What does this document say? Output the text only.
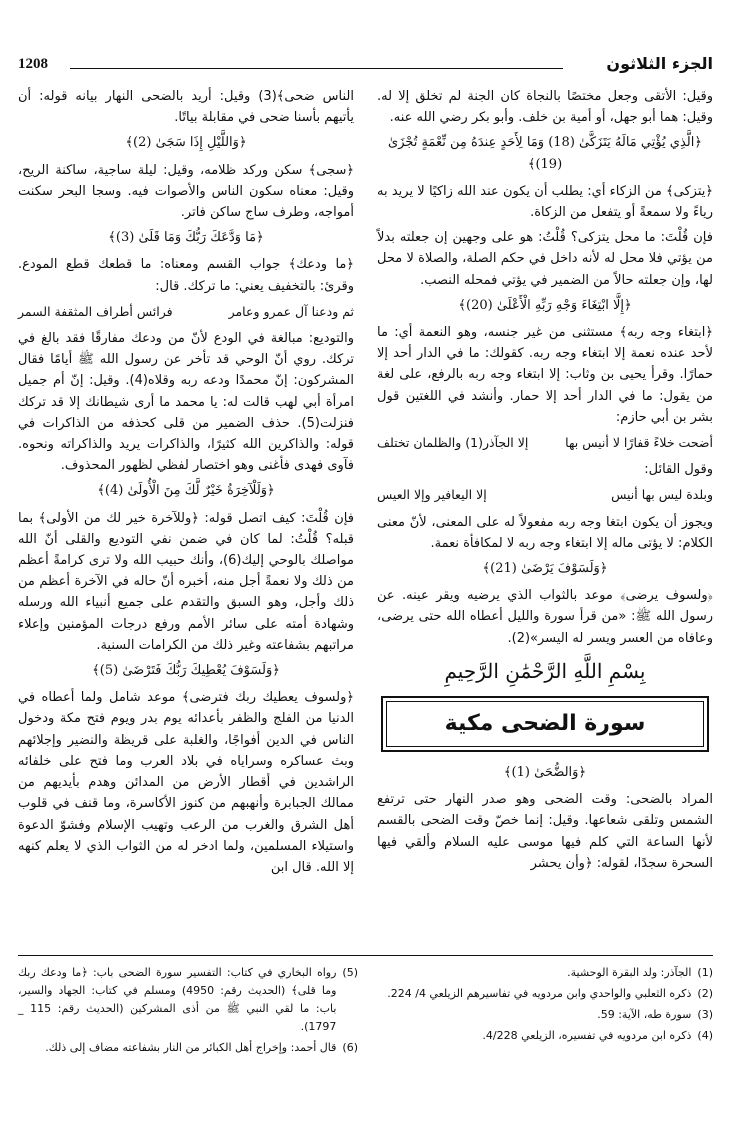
1208	الجزء الثلاثون

وقيل: الأتقى وجعل مختصًا بالنجاة كان الجنة لم تخلق إلا له. وقيل: هما أبو جهل، أو أمية بن خلف. وأبو بكر رضي الله عنه.

﴿الَّذِي يُؤْتِي مَالَهُ يَتَزَكَّىٰ (18) وَمَا لِأَحَدٍ عِندَهُ مِن نِّعْمَةٍ تُجْزَىٰ (19)﴾

﴿يتزكى﴾ من الزكاء أي: يطلب أن يكون عند الله زاكيًا لا يريد به رياءً ولا سمعةً أو يتفعل من الزكاة.

فإن قُلْتَ: ما محل يتزكى؟ قُلْتُ: هو على وجهين إن جعلته بدلاً من يؤتي فلا محل له لأنه داخل في حكم الصلة، والصلاة لا محل لها، وإن جعلته حالاً من الضمير في يؤتي فمحله النصب.

﴿إِلَّا ابْتِغَاءَ وَجْهِ رَبِّهِ الْأَعْلَىٰ (20)﴾

﴿ابتغاء وجه ربه﴾ مستثنى من غير جنسه، وهو النعمة أي: ما لأحد عنده نعمة إلا ابتغاء وجه ربه. كقولك: ما في الدار أحد إلا حمارًا. وقرأ يحيى بن وثاب: إلا ابتغاء وجه ربه بالرفع، على لغة من يقول: ما في الدار أحد إلا حمار. وأنشد في اللغتين قول بشر بن أبي حازم:

أضحت خلاءً قفارًا لا أنيس بها
إلا الجآذر(1) والظلمان تختلف

وقول القائل:

وبلدة ليس بها أنيس
إلا اليعافير وإلا العيس

ويجوز أن يكون ابتغا وجه ربه مفعولاً له على المعنى، لأنّ معنى الكلام: لا يؤتى ماله إلا ابتغاء وجه ربه لا لمكافأة نعمة.

﴿وَلَسَوْفَ يَرْضَىٰ (21)﴾

﴿ولسوف يرضى﴾ موعد بالثواب الذي يرضيه ويقر عينه. عن رسول الله ﷺ: «من قرأ سورة والليل أعطاه الله حتى يرضى، وعافاه من العسر ويسر له اليسر»(2).

بِسْمِ اللَّهِ الرَّحْمَٰنِ الرَّحِيمِ
سورة الضحى مكية
﴿وَالضُّحَىٰ (1)﴾

المراد بالضحى: وقت الضحى وهو صدر النهار حتى ترتفع الشمس وتلقى شعاعها. وقيل: إنما خصّ وقت الضحى بالقسم لأنها الساعة التي كلم فيها موسى عليه السلام وألقي فيها السحرة سجدًا، لقوله: ﴿وأن يحشر

الناس ضحى﴾(3) وقيل: أريد بالضحى النهار بيانه قوله: أن يأتيهم بأسنا ضحى في مقابلة بياتًا.

﴿وَاللَّيْلِ إِذَا سَجَىٰ (2)﴾

﴿سجى﴾ سكن وركد ظلامه، وقيل: ليلة ساجية، ساكنة الريح، وقيل: معناه سكون الناس والأصوات فيه. وسجا البحر سكنت أمواجه، وطرف ساج ساكن فاتر.

﴿مَا وَدَّعَكَ رَبُّكَ وَمَا قَلَىٰ (3)﴾

﴿ما ودعك﴾ جواب القسم ومعناه: ما قطعك قطع المودع. وقرئ: بالتخفيف يعني: ما تركك. قال:

ثم ودعنا آل عمرو وعامر
فرائس أطراف المثقفة السمر

والتوديع: مبالغة في الودع لأنّ من ودعك مفارقًا فقد بالغ في تركك. روي أنّ الوحي قد تأخر عن رسول الله ﷺ أيامًا فقال المشركون: إنّ محمدًا ودعه ربه وقلاه(4). وقيل: إنّ أم جميل امرأة أبي لهب قالت له: يا محمد ما أرى شيطانك إلا قد تركك فنزلت(5). حذف الضمير من قلى كحذفه من الذاكرات في قوله: والذاكرين الله كثيرًا، والذاكرات يريد والذاكراته ونحوه. فآوى فهدى فأغنى وهو اختصار لفظي لظهور المحذوف.

﴿وَلَلْآخِرَةُ خَيْرٌ لَّكَ مِنَ الْأُولَىٰ (4)﴾

فإن قُلْتَ: كيف اتصل قوله: ﴿وللآخرة خير لك من الأولى﴾ بما قبله؟ قُلْتُ: لما كان في ضمن نفي التوديع والقلى أنّ الله مواصلك بالوحي إليك(6)، وأنك حبيب الله ولا ترى كرامةً أعظم من ذلك ولا نعمةً أجل منه، أخبره أنّ حاله في الآخرة أعظم من ذلك وأجل، وهو السبق والتقدم على جميع أنبياء الله ورسله وشهادة أمته على سائر الأمم ورفع درجات المؤمنين وإعلاء مراتبهم بشفاعته وغير ذلك من الكرامات السنية.

﴿وَلَسَوْفَ يُعْطِيكَ رَبُّكَ فَتَرْضَىٰ (5)﴾

﴿ولسوف يعطيك ربك فترضى﴾ موعد شامل ولما أعطاه في الدنيا من الفلج والظفر بأعدائه يوم بدر ويوم فتح مكة ودخول الناس في الدين أفواجًا، والغلبة على قريظة والنضير وإجلائهم وبث عساكره وسراياه في بلاد العرب وما فتح على خلفائه الراشدين في أقطار الأرض من المدائن وهدم بأيديهم من ممالك الجبابرة وأنهبهم من كنوز الأكاسرة، وما قنف في قلوب أهل الشرق والغرب من الرعب وتهيب الإسلام وفشوّ الدعوة واستيلاء المسلمين، ولما ادخر له من الثواب الذي لا يعلم كنهه إلا الله. قال ابن

(1)
الجآذر: ولد البقرة الوحشية.
(2)
ذكره الثعلبي والواحدي وابن مردويه في تفاسيرهم الزيلعي 4/ 224.
(3)
سورة طه، الآية: 59.
(4)
ذكره ابن مردويه في تفسيره، الزيلعي 4/228.
(5)
رواه البخاري في كتاب: التفسير سورة الضحى باب: ﴿ما ودعك ربك وما قلى﴾ (الحديث رقم: 4950) ومسلم في كتاب: الجهاد والسير، باب: ما لقي النبي ﷺ من أذى المشركين (الحديث رقم: 115 _ 1797).
(6)
قال أحمد: وإخراج أهل الكبائر من النار بشفاعته مضاف إلى ذلك.
